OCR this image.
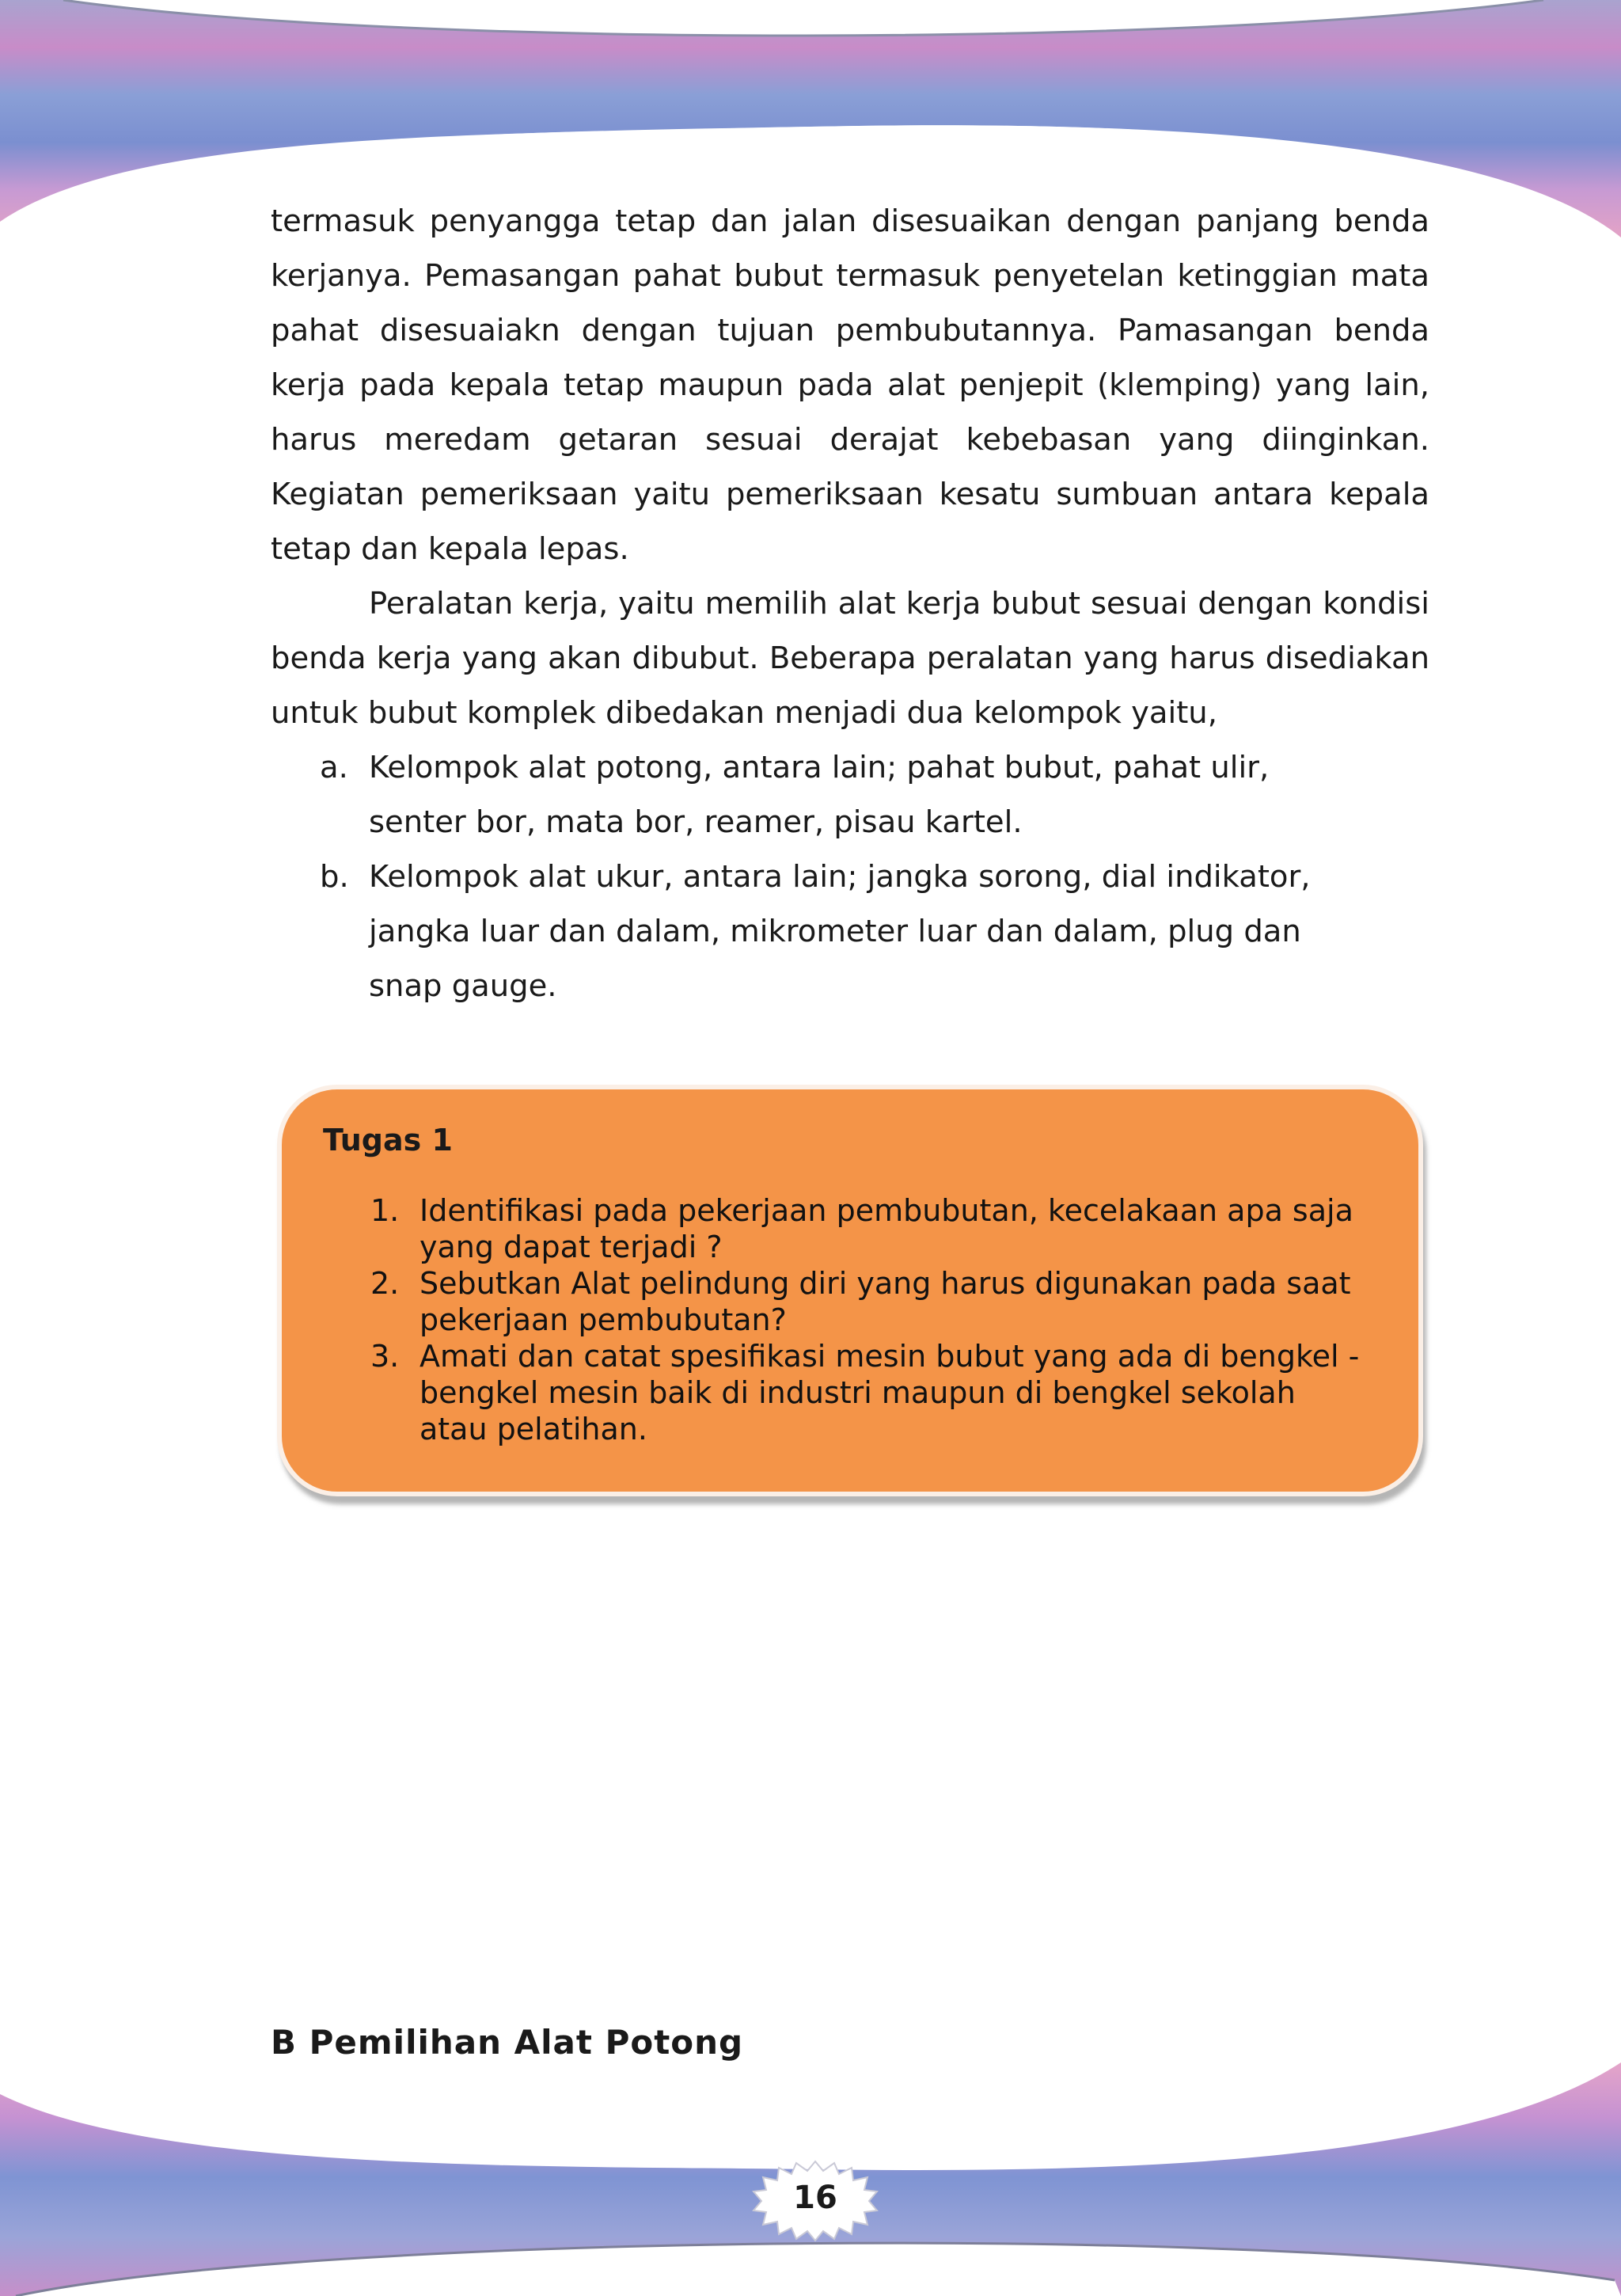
termasuk penyangga tetap dan jalan disesuaikan dengan panjang benda kerjanya. Pemasangan pahat bubut termasuk penyetelan ketinggian mata pahat disesuaiakn dengan tujuan pembubutannya. Pamasangan benda kerja pada kepala tetap maupun pada alat penjepit (klemping) yang lain, harus meredam getaran sesuai derajat kebebasan yang diinginkan. Kegiatan pemeriksaan yaitu pemeriksaan kesatu sumbuan antara kepala tetap dan kepala lepas.

Peralatan kerja, yaitu memilih alat kerja bubut sesuai dengan kondisi benda kerja yang akan dibubut. Beberapa peralatan yang harus disediakan untuk bubut komplek dibedakan menjadi dua kelompok yaitu,

a. Kelompok alat potong, antara lain; pahat bubut, pahat ulir, senter bor, mata bor, reamer, pisau kartel.
b. Kelompok alat ukur, antara lain; jangka sorong, dial indikator, jangka luar dan dalam, mikrometer luar dan dalam, plug dan snap gauge.

Tugas 1

1. Identifikasi pada pekerjaan pembubutan, kecelakaan apa saja yang dapat terjadi ?
2. Sebutkan Alat pelindung diri yang harus digunakan pada saat pekerjaan pembubutan?
3. Amati dan catat spesifikasi mesin bubut yang ada di bengkel - bengkel mesin baik di industri maupun di bengkel sekolah atau pelatihan.
B Pemilihan Alat Potong
16
